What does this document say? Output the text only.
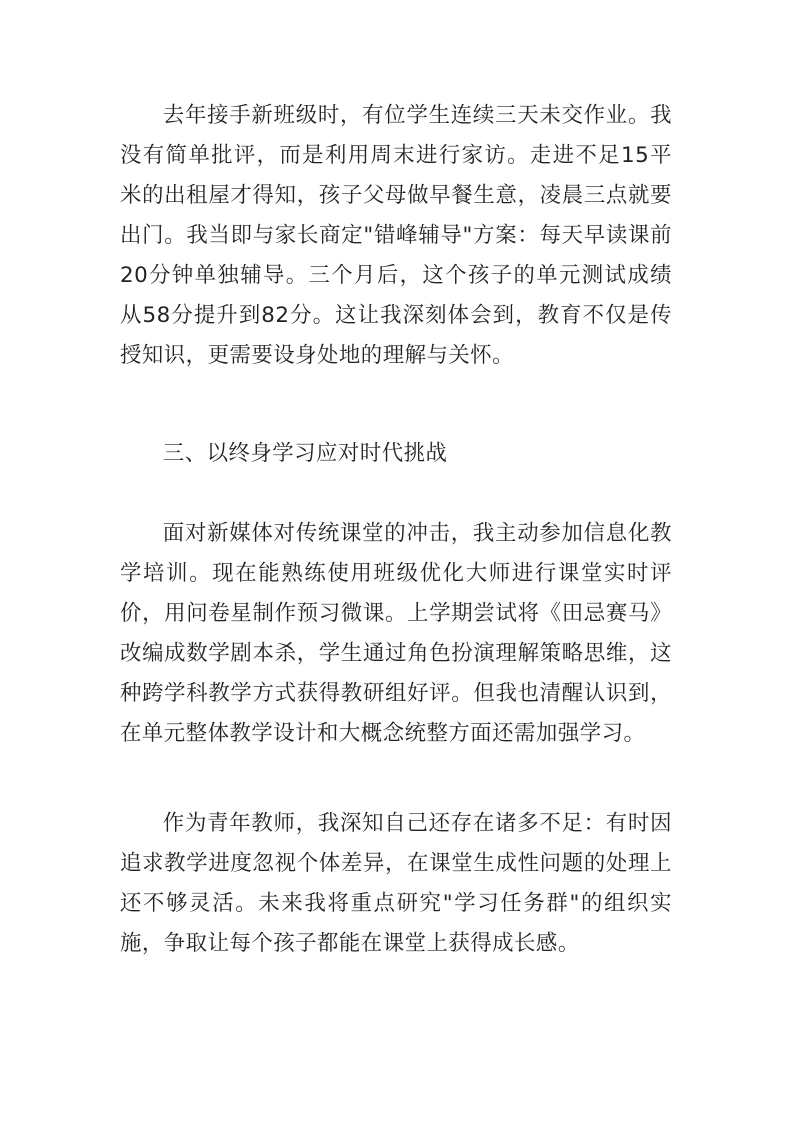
去年接手新班级时，有位学生连续三天未交作业。我没有简单批评，而是利用周末进行家访。走进不足15平米的出租屋才得知，孩子父母做早餐生意，凌晨三点就要出门。我当即与家长商定"错峰辅导"方案：每天早读课前20分钟单独辅导。三个月后，这个孩子的单元测试成绩从58分提升到82分。这让我深刻体会到，教育不仅是传授知识，更需要设身处地的理解与关怀。

三、以终身学习应对时代挑战

面对新媒体对传统课堂的冲击，我主动参加信息化教学培训。现在能熟练使用班级优化大师进行课堂实时评价，用问卷星制作预习微课。上学期尝试将《田忌赛马》改编成数学剧本杀，学生通过角色扮演理解策略思维，这种跨学科教学方式获得教研组好评。但我也清醒认识到，在单元整体教学设计和大概念统整方面还需加强学习。

作为青年教师，我深知自己还存在诸多不足：有时因追求教学进度忽视个体差异，在课堂生成性问题的处理上还不够灵活。未来我将重点研究"学习任务群"的组织实施，争取让每个孩子都能在课堂上获得成长感。
